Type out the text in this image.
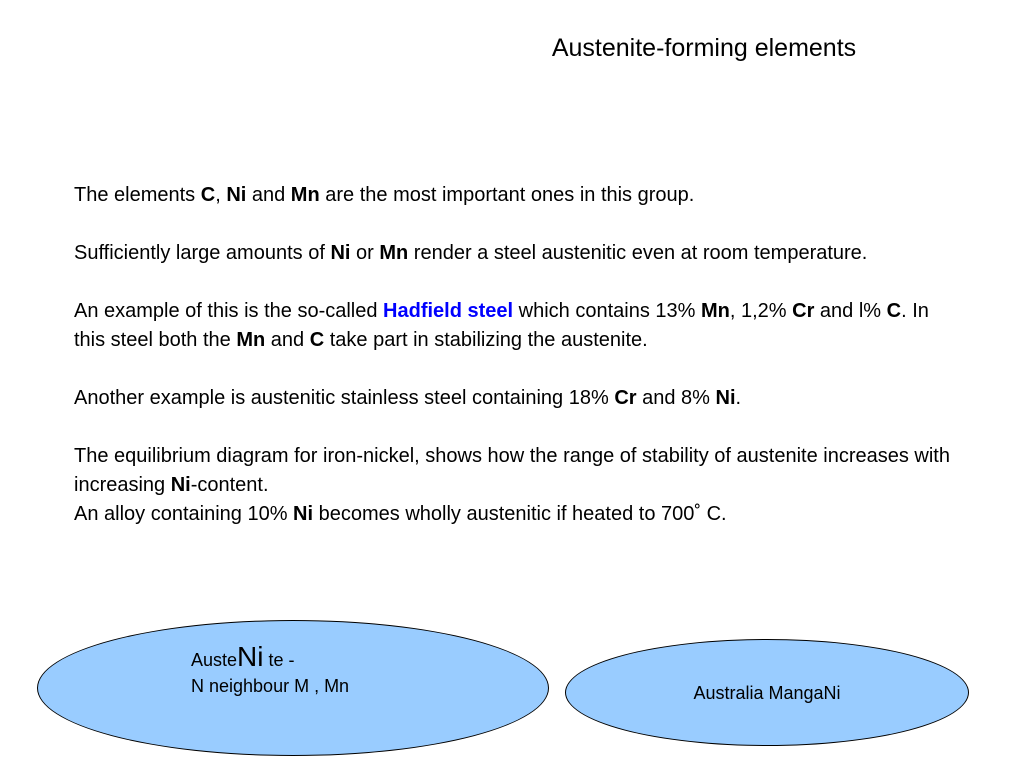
Austenite-forming elements

The elements C, Ni and Mn are the most important ones in this group.

Sufficiently large amounts of Ni or Mn render a steel austenitic even at room temperature.

An example of this is the so-called Hadfield steel which contains 13% Mn, 1,2% Cr and l% C. In this steel both the Mn and C take part in stabilizing the austenite.

Another example is austenitic stainless steel containing 18% Cr and 8% Ni.

The equilibrium diagram for iron-nickel, shows how the range of stability of austenite increases with increasing Ni-content.

An alloy containing 10% Ni becomes wholly austenitic if heated to 700˚ C.

AusteNi te -
N neighbour M , Mn	Australia MangaNi
